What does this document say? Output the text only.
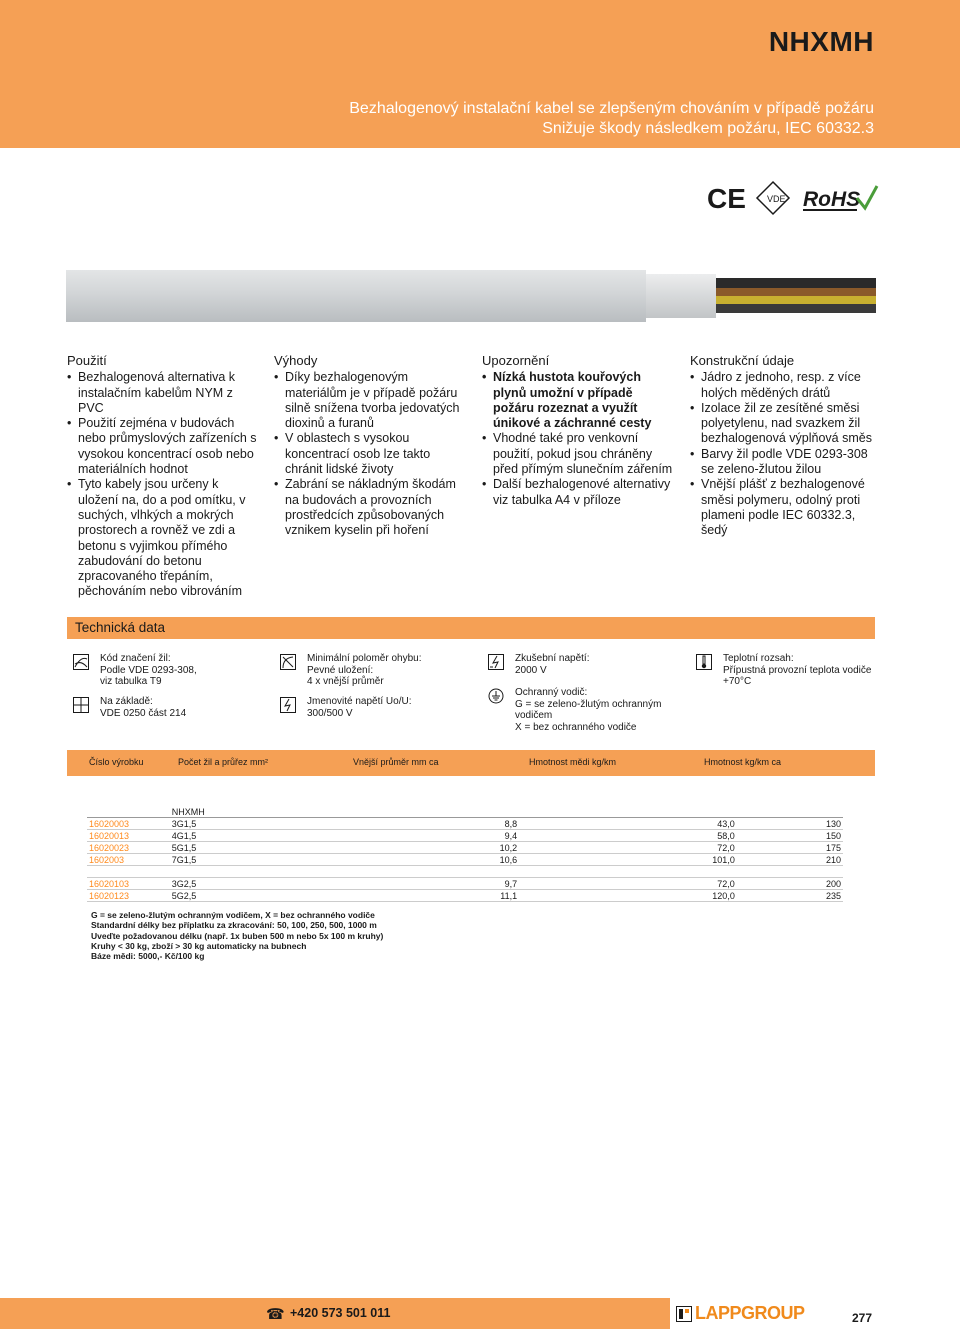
NHXMH
Bezhalogenový instalační kabel se zlepšeným chováním v případě požáru
Snižuje škody následkem požáru, IEC 60332.3
CE VDE RoHS
Použití
• Bezhalogenová alternativa k instalačním kabelům NYM z PVC
• Použití zejména v budovách nebo průmyslových zařízeních s vysokou koncentrací osob nebo materiálních hodnot
• Tyto kabely jsou určeny k uložení na, do a pod omítku, v suchých, vlhkých a mokrých prostorech a rovněž ve zdi a betonu s vyjimkou přímého zabudování do betonu zpracovaného třepáním, pěchováním nebo vibrováním
Výhody
• Díky bezhalogenovým materiálům je v případě požáru silně snížena tvorba jedovatých dioxinů a furanů
• V oblastech s vysokou koncentrací osob lze takto chránit lidské životy
• Zabrání se nákladným škodám na budovách a provozních prostředcích způsobovaných vznikem kyselin při hoření
Upozornění
• Nízká hustota kouřových plynů umožní v případě požáru rozeznat a využít únikové a záchranné cesty
• Vhodné také pro venkovní použití, pokud jsou chráněny před přímým slunečním zářením
• Další bezhalogenové alternativy viz tabulka A4 v příloze
Konstrukční údaje
• Jádro z jednoho, resp. z více holých měděných drátů
• Izolace žil ze zesítěné směsi polyetylenu, nad svazkem žil bezhalogenová výplňová směs
• Barvy žil podle VDE 0293-308 se zeleno-žlutou žilou
• Vnější plášť z bezhalogenové směsi polymeru, odolný proti plameni podle IEC 60332.3, šedý
Technická data
Kód značení žil:
Podle VDE 0293-308,
viz tabulka T9
Na základě:
VDE 0250 část 214
Minimální poloměr ohybu:
Pevné uložení:
4 x vnější průměr
Jmenovité napětí Uo/U:
300/500 V
Zkušební napětí:
2000 V
Ochranný vodič:
G = se zeleno-žlutým ochranným vodičem
X = bez ochranného vodiče
Teplotní rozsah:
Přípustná provozní teplota vodiče
+70°C
Číslo výrobku	Počet žil a průřez mm²	Vnější průměr mm ca	Hmotnost mědi kg/km	Hmotnost kg/km ca
	NHXMH			
16020003	3G1,5	8,8	43,0	130
16020013	4G1,5	9,4	58,0	150
16020023	5G1,5	10,2	72,0	175
1602003	7G1,5	10,6	101,0	210

16020103	3G2,5	9,7	72,0	200
16020123	5G2,5	11,1	120,0	235
G = se zeleno-žlutým ochranným vodičem, X = bez ochranného vodiče
Standardní délky bez příplatku za zkracování: 50, 100, 250, 500, 1000 m
Uveďte požadovanou délku (např. 1x buben 500 m nebo 5x 100 m kruhy)
Kruhy < 30 kg, zboží > 30 kg automaticky na bubnech
Báze mědi: 5000,- Kč/100 kg
☎ +420 573 501 011	LAPPGROUP	277
